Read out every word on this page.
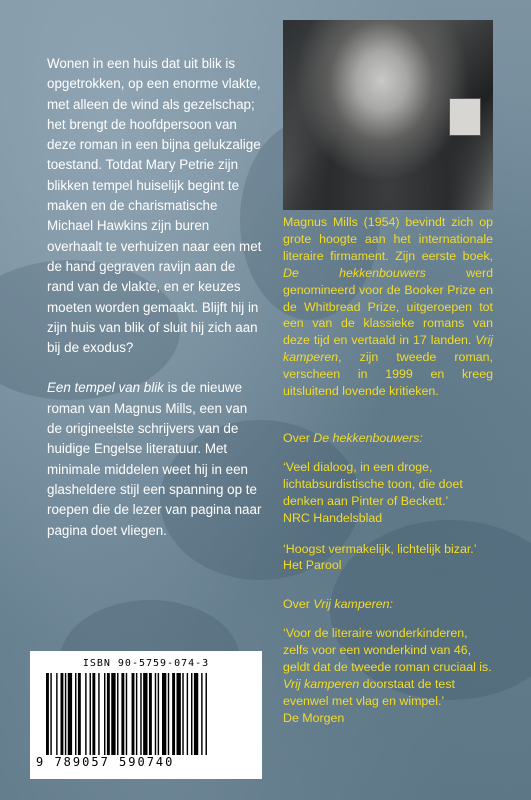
Wonen in een huis dat uit blik is opgetrokken, op een enorme vlakte, met alleen de wind als gezelschap; het brengt de hoofdpersoon van deze roman in een bijna gelukzalige toestand. Totdat Mary Petrie zijn blikken tempel huiselijk begint te maken en de charismatische Michael Hawkins zijn buren overhaalt te verhuizen naar een met de hand gegraven ravijn aan de rand van de vlakte, en er keuzes moeten worden gemaakt. Blijft hij in zijn huis van blik of sluit hij zich aan bij de exodus?

Een tempel van blik is de nieuwe roman van Magnus Mills, een van de origineelste schrijvers van de huidige Engelse literatuur. Met minimale middelen weet hij in een glasheldere stijl een spanning op te roepen die de lezer van pagina naar pagina doet vliegen.

Magnus Mills (1954) bevindt zich op grote hoogte aan het internationale literaire firmament. Zijn eerste boek, De hekkenbouwers werd genomineerd voor de Booker Prize en de Whitbread Prize, uitgeroepen tot een van de klassieke romans van deze tijd en vertaald in 17 landen. Vrij kamperen, zijn tweede roman, verscheen in 1999 en kreeg uitsluitend lovende kritieken.

Over De hekkenbouwers:

‘Veel dialoog, in een droge, lichtabsurdistische toon, die doet denken aan Pinter of Beckett.’
NRC Handelsblad

‘Hoogst vermakelijk, lichtelijk bizar.’
Het Parool

Over Vrij kamperen:

‘Voor de literaire wonderkinderen, zelfs voor een wonderkind van 46, geldt dat de tweede roman cruciaal is. Vrij kamperen doorstaat de test evenwel met vlag en wimpel.’
De Morgen

ISBN 90-5759-074-3
9 789057 590740
